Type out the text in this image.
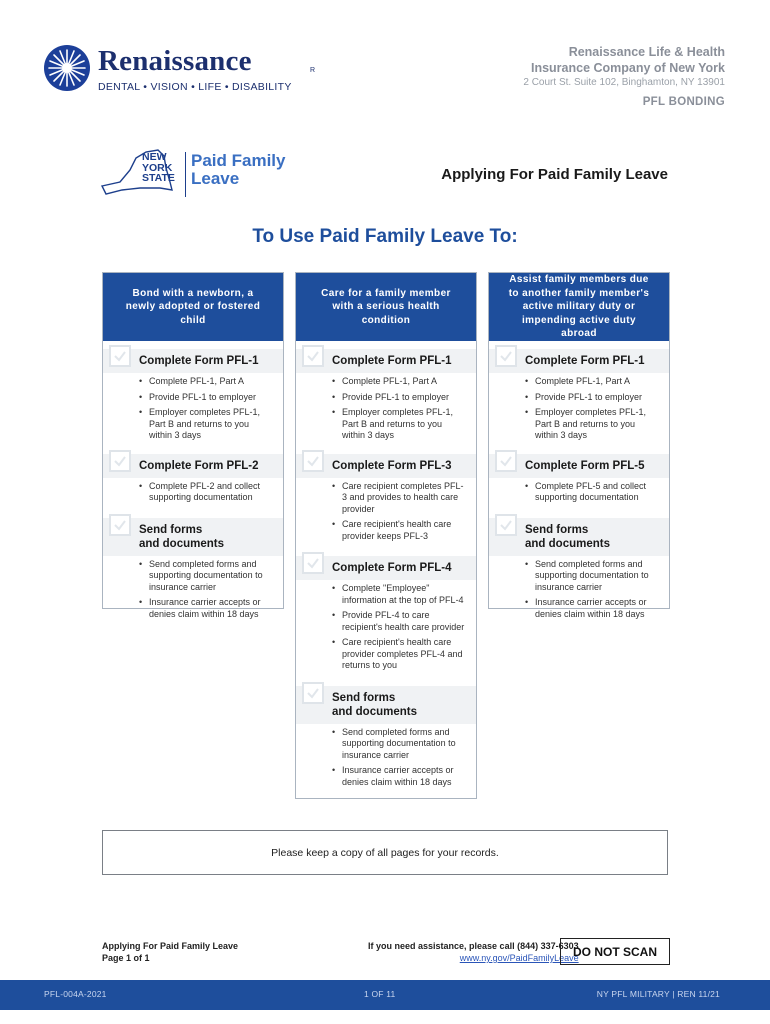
Renaissance	R
DENTAL • VISION • LIFE • DISABILITY
Renaissance Life & Health
Insurance Company of New York
2 Court St. Suite 102, Binghamton, NY 13901
PFL BONDING
NEW
YORK
STATE
Paid Family
Leave	Applying For Paid Family Leave
To Use Paid Family Leave To:
Bond with a newborn, a newly adopted or fostered child
Complete Form PFL-1
• Complete PFL-1, Part A
• Provide PFL-1 to employer
• Employer completes PFL-1, Part B and returns to you within 3 days
Complete Form PFL-2
• Complete PFL-2 and collect supporting documentation
Send forms
and documents
• Send completed forms and supporting documentation to insurance carrier
• Insurance carrier accepts or denies claim within 18 days
Care for a family member with a serious health condition
Complete Form PFL-1
• Complete PFL-1, Part A
• Provide PFL-1 to employer
• Employer completes PFL-1, Part B and returns to you within 3 days
Complete Form PFL-3
• Care recipient completes PFL-3 and provides to health care provider
• Care recipient's health care provider keeps PFL-3
Complete Form PFL-4
• Complete "Employee" information at the top of PFL-4
• Provide PFL-4 to care recipient's health care provider
• Care recipient's health care provider completes PFL-4 and returns to you
Send forms
and documents
• Send completed forms and supporting documentation to insurance carrier
• Insurance carrier accepts or denies claim within 18 days
Assist family members due to another family member's active military duty or impending active duty abroad
Complete Form PFL-1
• Complete PFL-1, Part A
• Provide PFL-1 to employer
• Employer completes PFL-1, Part B and returns to you within 3 days
Complete Form PFL-5
• Complete PFL-5 and collect supporting documentation
Send forms
and documents
• Send completed forms and supporting documentation to insurance carrier
• Insurance carrier accepts or denies claim within 18 days
Please keep a copy of all pages for your records.
Applying For Paid Family Leave
Page 1 of 1
If you need assistance, please call (844) 337-6303
www.ny.gov/PaidFamilyLeave
DO NOT SCAN
PFL-004A-2021	1 OF 11	NY PFL MILITARY | REN 11/21
